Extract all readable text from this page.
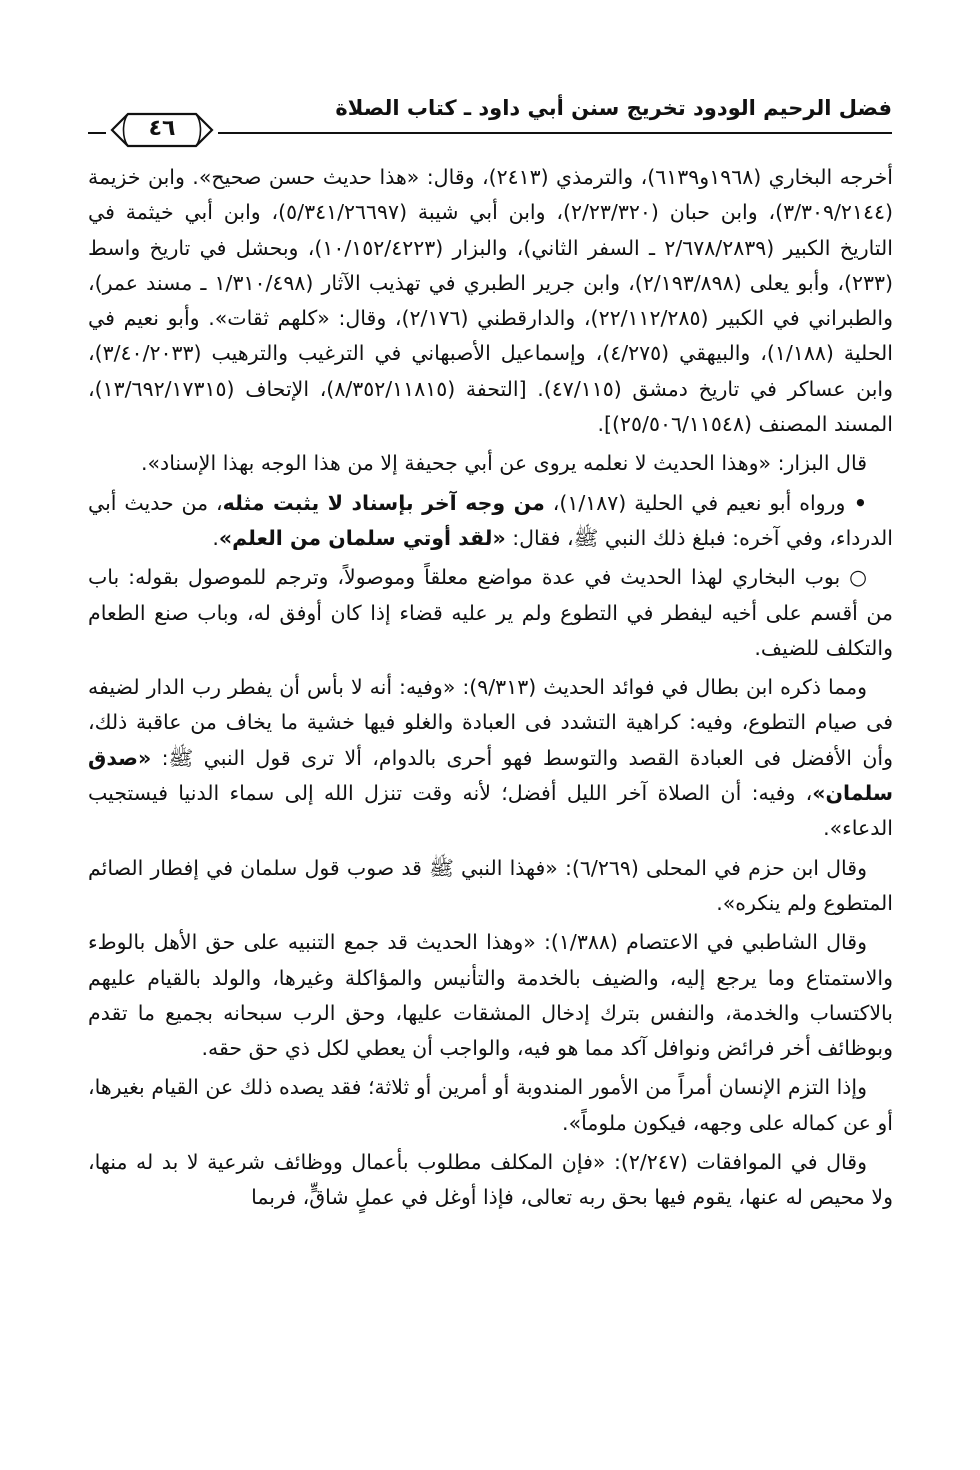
فضل الرحيم الودود تخريج سنن أبي داود ـ كتاب الصلاة
٤٦

أخرجه البخاري (١٩٦٨و٦١٣٩)، والترمذي (٢٤١٣)، وقال: «هذا حديث حسن صحيح». وابن خزيمة (٣/٣٠٩/٢١٤٤)، وابن حبان (٢/٢٣/٣٢٠)، وابن أبي شيبة (٥/٣٤١/٢٦٦٩٧)، وابن أبي خيثمة في التاريخ الكبير (٢/٦٧٨/٢٨٣٩ ـ السفر الثاني)، والبزار (١٠/١٥٢/٤٢٢٣)، وبحشل في تاريخ واسط (٢٣٣)، وأبو يعلى (٢/١٩٣/٨٩٨)، وابن جرير الطبري في تهذيب الآثار (١/٣١٠/٤٩٨ ـ مسند عمر)، والطبراني في الكبير (٢٢/١١٢/٢٨٥)، والدارقطني (٢/١٧٦)، وقال: «كلهم ثقات». وأبو نعيم في الحلية (١/١٨٨)، والبيهقي (٤/٢٧٥)، وإسماعيل الأصبهاني في الترغيب والترهيب (٣/٤٠/٢٠٣٣)، وابن عساكر في تاريخ دمشق (٤٧/١١٥). [التحفة (٨/٣٥٢/١١٨١٥)، الإتحاف (١٣/٦٩٢/١٧٣١٥)، المسند المصنف (٢٥/٥٠٦/١١٥٤٨)].

قال البزار: «وهذا الحديث لا نعلمه يروى عن أبي جحيفة إلا من هذا الوجه بهذا الإسناد».

• ورواه أبو نعيم في الحلية (١/١٨٧)، من وجه آخر بإسناد لا يثبت مثله، من حديث أبي الدرداء، وفي آخره: فبلغ ذلك النبي ﷺ، فقال: «لقد أوتي سلمان من العلم».

○ بوب البخاري لهذا الحديث في عدة مواضع معلقاً وموصولاً، وترجم للموصول بقوله: باب من أقسم على أخيه ليفطر في التطوع ولم ير عليه قضاء إذا كان أوفق له، وباب صنع الطعام والتكلف للضيف.

ومما ذكره ابن بطال في فوائد الحديث (٩/٣١٣): «وفيه: أنه لا بأس أن يفطر رب الدار لضيفه فى صيام التطوع، وفيه: كراهية التشدد فى العبادة والغلو فيها خشية ما يخاف من عاقبة ذلك، وأن الأفضل فى العبادة القصد والتوسط فهو أحرى بالدوام، ألا ترى قول النبي ﷺ: «صدق سلمان»، وفيه: أن الصلاة آخر الليل أفضل؛ لأنه وقت تنزل الله إلى سماء الدنيا فيستجيب الدعاء».

وقال ابن حزم في المحلى (٦/٢٦٩): «فهذا النبي ﷺ قد صوب قول سلمان في إفطار الصائم المتطوع ولم ينكره».

وقال الشاطبي في الاعتصام (١/٣٨٨): «وهذا الحديث قد جمع التنبيه على حق الأهل بالوطء والاستمتاع وما يرجع إليه، والضيف بالخدمة والتأنيس والمؤاكلة وغيرها، والولد بالقيام عليهم بالاكتساب والخدمة، والنفس بترك إدخال المشقات عليها، وحق الرب سبحانه بجميع ما تقدم وبوظائف أخر فرائض ونوافل آكد مما هو فيه، والواجب أن يعطي لكل ذي حق حقه.

وإذا التزم الإنسان أمراً من الأمور المندوبة أو أمرين أو ثلاثة؛ فقد يصده ذلك عن القيام بغيرها، أو عن كماله على وجهه، فيكون ملوماً».

وقال في الموافقات (٢/٢٤٧): «فإن المكلف مطلوب بأعمال ووظائف شرعية لا بد له منها، ولا محيص له عنها، يقوم فيها بحق ربه تعالى، فإذا أوغل في عملٍ شاقٍّ، فربما
